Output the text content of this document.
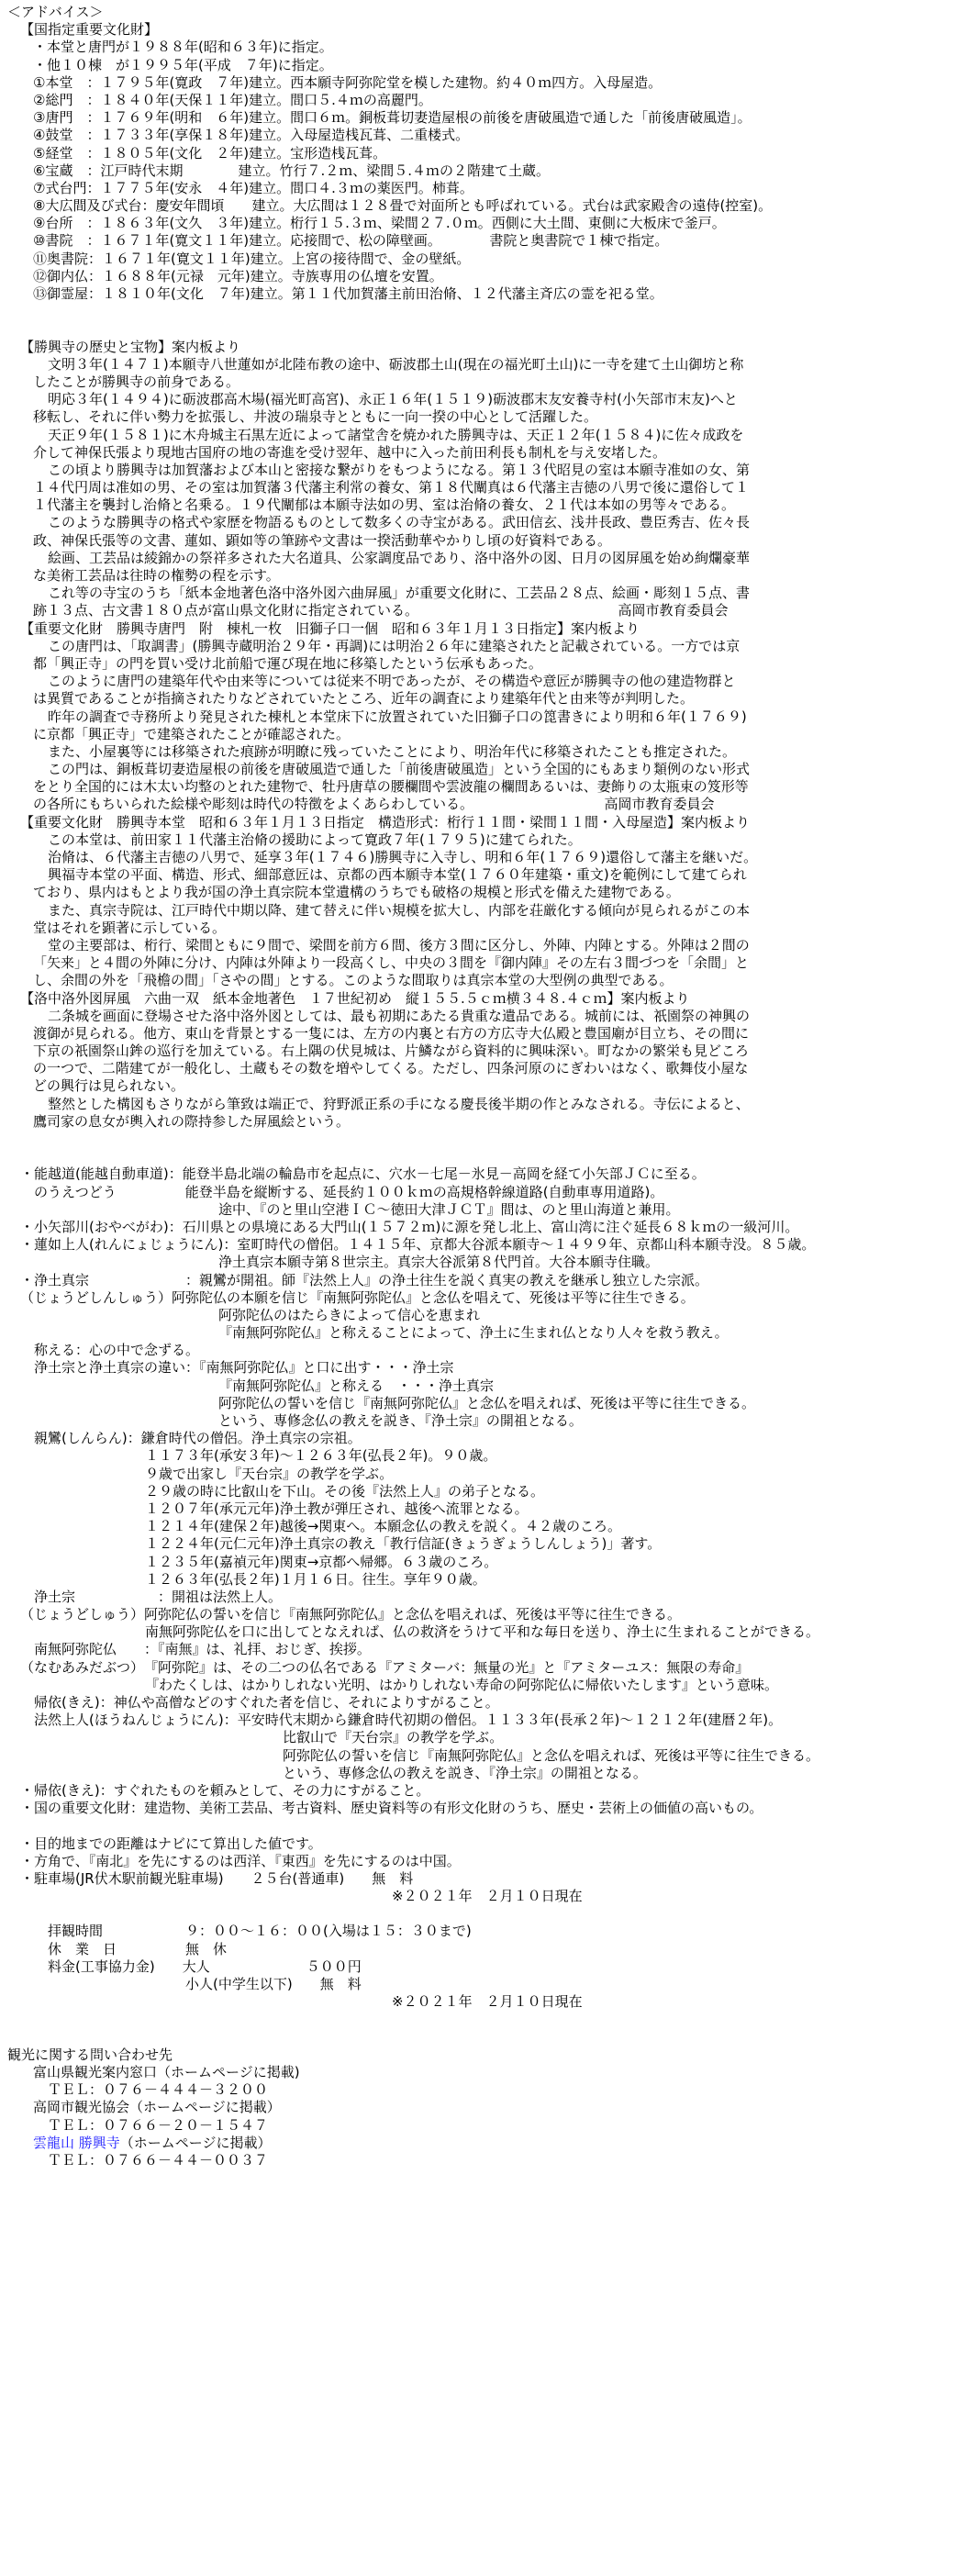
＜アドバイス＞
【国指定重要文化財】
・本堂と唐門が１９８８年(昭和６３年)に指定。
・他１０棟　が１９９５年(平成　７年)に指定。
①本堂　：１７９５年(寛政　７年)建立。西本願寺阿弥陀堂を模した建物。約４０ｍ四方。入母屋造。
②総門　：１８４０年(天保１１年)建立。間口５.４ｍの高麗門。
③唐門　：１７６９年(明和　６年)建立。間口６ｍ。銅板葺切妻造屋根の前後を唐破風造で通した「前後唐破風造」。
④鼓堂　：１７３３年(享保１８年)建立。入母屋造桟瓦葺、二重楼式。
⑤経堂　：１８０５年(文化　２年)建立。宝形造桟瓦葺。
⑥宝蔵　：江戸時代末期　　　　建立。竹行７.２ｍ、梁間５.４ｍの２階建て土蔵。
⑦式台門：１７７５年(安永　４年)建立。間口４.３ｍの薬医門。柿葺。
⑧大広間及び式台：慶安年間頃　　建立。大広間は１２８畳で対面所とも呼ばれている。式台は武家殿舎の遠侍(控室)。
⑨台所　：１８６３年(文久　３年)建立。桁行１５.３ｍ、梁間２７.０ｍ。西側に大土間、東側に大板床で釜戸。
⑩書院　：１６７１年(寛文１１年)建立。応接間で、松の障壁画。　　　　書院と奥書院で１棟で指定。
⑪奥書院：１６７１年(寛文１１年)建立。上宮の接待間で、金の壁紙。
⑫御内仏：１６８８年(元禄　元年)建立。寺族専用の仏壇を安置。
⑬御霊屋：１８１０年(文化　７年)建立。第１１代加賀藩主前田治脩、１２代藩主斉広の霊を祀る堂。
【勝興寺の歴史と宝物】案内板より
文明３年(１４７１)本願寺八世蓮如が北陸布教の途中、砺波郡土山(現在の福光町土山)に一寺を建て土山御坊と称
したことが勝興寺の前身である。
明応３年(１４９４)に砺波郡高木場(福光町高宮)、永正１６年(１５１９)砺波郡末友安養寺村(小矢部市末友)へと
移転し、それに伴い勢力を拡張し、井波の瑞泉寺とともに一向一揆の中心として活躍した。
天正９年(１５８１)に木舟城主石黒左近によって諸堂舎を焼かれた勝興寺は、天正１２年(１５８４)に佐々成政を
介して神保氏張より現地古国府の地の寄進を受け翌年、越中に入った前田利長も制札を与え安堵した。
この頃より勝興寺は加賀藩および本山と密接な繋がりをもつようになる。第１３代昭見の室は本願寺准如の女、第
１４代円周は准如の男、その室は加賀藩３代藩主利常の養女、第１８代闡真は６代藩主吉徳の八男で後に還俗して１
１代藩主を襲封し治脩と名乗る。１９代闡郁は本願寺法如の男、室は治脩の養女、２１代は本如の男等々である。
このような勝興寺の格式や家歴を物語るものとして数多くの寺宝がある。武田信玄、浅井長政、豊臣秀吉、佐々長
政、神保氏張等の文書、蓮如、顕如等の筆跡や文書は一揆活動華やかりし頃の好資料である。
絵画、工芸品は綾錦かの祭祥多された大名道具、公家調度品であり、洛中洛外の図、日月の図屏風を始め絢爛豪華
な美術工芸品は往時の権勢の程を示す。
これ等の寺宝のうち「紙本金地著色洛中洛外図六曲屏風」が重要文化財に、工芸品２８点、絵画・彫刻１５点、書
跡１３点、古文書１８０点が富山県文化財に指定されている。　　　　　　　　　　　　　　　高岡市教育委員会
【重要文化財　勝興寺唐門　附　棟札一枚　旧獅子口一個　昭和６３年１月１３日指定】案内板より
この唐門は、「取調書」(勝興寺蔵明治２９年・再調)には明治２６年に建築されたと記載されている。一方では京
都「興正寺」の門を買い受け北前船で運び現在地に移築したという伝承もあった。
このように唐門の建築年代や由来等については従来不明であったが、その構造や意匠が勝興寺の他の建造物群と
は異質であることが指摘されたりなどされていたところ、近年の調査により建築年代と由来等が判明した。
昨年の調査で寺務所より発見された棟札と本堂床下に放置されていた旧獅子口の箆書きにより明和６年(１７６９)
に京都「興正寺」で建築されたことが確認された。
また、小屋裏等には移築された痕跡が明瞭に残っていたことにより、明治年代に移築されたことも推定された。
この門は、銅板葺切妻造屋根の前後を唐破風造で通した「前後唐破風造」という全国的にもあまり類例のない形式
をとり全国的には木太い均整のとれた建物で、牡丹唐草の腰欄間や雲波龍の欄間あるいは、妻飾りの太瓶束の笈形等
の各所にもちいられた絵様や彫刻は時代の特徴をよくあらわしている。　　　　　　　　　　高岡市教育委員会
【重要文化財　勝興寺本堂　昭和６３年１月１３日指定　構造形式：桁行１１間・梁間１１間・入母屋造】案内板より
この本堂は、前田家１１代藩主治脩の援助によって寛政７年(１７９５)に建てられた。
治脩は、６代藩主吉徳の八男で、延享３年(１７４６)勝興寺に入寺し、明和６年(１７６９)還俗して藩主を継いだ。
興福寺本堂の平面、構造、形式、細部意匠は、京都の西本願寺本堂(１７６０年建築・重文)を範例にして建てられ
ており、県内はもとより我が国の浄土真宗院本堂遺構のうちでも破格の規模と形式を備えた建物である。
また、真宗寺院は、江戸時代中期以降、建て替えに伴い規模を拡大し、内部を荘厳化する傾向が見られるがこの本
堂はそれを顕著に示している。
堂の主要部は、桁行、梁間ともに９間で、梁間を前方６間、後方３間に区分し、外陣、内陣とする。外陣は２間の
「矢来」と４間の外陣に分け、内陣は外陣より一段高くし、中央の３間を『御内陣』その左右３間づつを「余間」と
し、余間の外を「飛檐の間」「さやの間」とする。このような間取りは真宗本堂の大型例の典型である。
【洛中洛外図屏風　六曲一双　紙本金地著色　１７世紀初め　縦１５５.５ｃｍ横３４８.４ｃｍ】案内板より
二条城を画面に登場させた洛中洛外図としては、最も初期にあたる貴重な遺品である。城前には、祇園祭の神興の
渡御が見られる。他方、東山を背景とする一隻には、左方の内裏と右方の方広寺大仏殿と豊国廟が目立ち、その間に
下京の祇園祭山鉾の巡行を加えている。右上隅の伏見城は、片鱗ながら資料的に興味深い。町なかの繁栄も見どころ
の一つで、二階建てが一般化し、土蔵もその数を増やしてくる。ただし、四条河原のにぎわいはなく、歌舞伎小屋な
どの興行は見られない。
整然とした構図もさりながら筆致は端正で、狩野派正系の手になる慶長後半期の作とみなされる。寺伝によると、
鷹司家の息女が輿入れの際持参した屏風絵という。
・能越道(能越自動車道)：能登半島北端の輪島市を起点に、穴水－七尾－氷見－高岡を経て小矢部ＪＣに至る。
　のうえつどう　　　　　能登半島を縦断する、延長約１００ｋｍの高規格幹線道路(自動車専用道路)。
途中、『のと里山空港ＩＣ～徳田大津ＪＣＴ』間は、のと里山海道と兼用。
・小矢部川(おやべがわ)：石川県との県境にある大門山(１５７２ｍ)に源を発し北上、富山湾に注ぐ延長６８ｋｍの一級河川。
・蓮如上人(れんにょじょうにん)：室町時代の僧侶。１４１５年、京都大谷派本願寺～１４９９年、京都山科本願寺没。８５歳。
浄土真宗本願寺第８世宗主。真宗大谷派第８代門首。大谷本願寺住職。
・浄土真宗　　　　　　　：親鸞が開祖。師『法然上人』の浄土往生を説く真実の教えを継承し独立した宗派。
（じょうどしんしゅう）阿弥陀仏の本願を信じ『南無阿弥陀仏』と念仏を唱えて、死後は平等に往生できる。
阿弥陀仏のはたらきによって信心を恵まれ
『南無阿弥陀仏』と称えることによって、浄土に生まれ仏となり人々を救う教え。
　称える：心の中で念ずる。
　浄土宗と浄土真宗の違い：『南無阿弥陀仏』と口に出す・・・浄土宗
『南無阿弥陀仏』と称える　・・・浄土真宗
阿弥陀仏の誓いを信じ『南無阿弥陀仏』と念仏を唱えれば、死後は平等に往生できる。
という、専修念仏の教えを説き、『浄土宗』の開祖となる。
　親鸞(しんらん)：鎌倉時代の僧侶。浄土真宗の宗祖。
１１７３年(承安３年)～１２６３年(弘長２年)。９０歳。
９歳で出家し『天台宗』の教学を学ぶ。
２９歳の時に比叡山を下山。その後『法然上人』の弟子となる。
１２０７年(承元元年)浄土教が弾圧され、越後へ流罪となる。
１２１４年(建保２年)越後→関東へ。本願念仏の教えを説く。４２歳のころ。
１２２４年(元仁元年)浄土真宗の教え「教行信証(きょうぎょうしんしょう)」著す。
１２３５年(嘉禎元年)関東→京都へ帰郷。６３歳のころ。
１２６３年(弘長２年)１月１６日。往生。享年９０歳。
　浄土宗　　　　　　：開祖は法然上人。
（じょうどしゅう）阿弥陀仏の誓いを信じ『南無阿弥陀仏』と念仏を唱えれば、死後は平等に往生できる。
南無阿弥陀仏を口に出してとなえれば、仏の救済をうけて平和な毎日を送り、浄土に生まれることができる。
　南無阿弥陀仏　　：『南無』は、礼拝、おじぎ、挨拶。
（なむあみだぶつ）　『阿弥陀』は、その二つの仏名である『アミターバ：無量の光』と『アミターユス：無限の寿命』
『わたくしは、はかりしれない光明、はかりしれない寿命の阿弥陀仏に帰依いたします』という意味。
　帰依(きえ)：神仏や高僧などのすぐれた者を信じ、それによりすがること。
　法然上人(ほうねんじょうにん)：平安時代末期から鎌倉時代初期の僧侶。１１３３年(長承２年)～１２１２年(建暦２年)。
比叡山で『天台宗』の教学を学ぶ。
阿弥陀仏の誓いを信じ『南無阿弥陀仏』と念仏を唱えれば、死後は平等に往生できる。
という、専修念仏の教えを説き、『浄土宗』の開祖となる。
・帰依(きえ)：すぐれたものを頼みとして、その力にすがること。
・国の重要文化財：建造物、美術工芸品、考古資料、歴史資料等の有形文化財のうち、歴史・芸術上の価値の高いもの。
・目的地までの距離はナビにて算出した値です。
・方角で、『南北』を先にするのは西洋、『東西』を先にするのは中国。
・駐車場(JR伏木駅前観光駐車場)　　２５台(普通車)　　無　料
　　　　　　　　　　　　　　　　　　　　　　　　　　　※２０２１年　２月１０日現在
　　拝観時間　　　　　　９：００～１６：００(入場は１５：３０まで)
　　休　業　日　　　　　無　休
　　料金(工事協力金)　　大人　　　　　　　５００円
　　　　　　　　　　　　小人(中学生以下)　　無　料
　　　　　　　　　　　　　　　　　　　　　　　　　　　※２０２１年　２月１０日現在
観光に関する問い合わせ先
富山県観光案内窓口（ホームページに掲載)
ＴＥＬ：０７６－４４４－３２００
高岡市観光協会（ホームページに掲載）
ＴＥＬ：０７６６－２０－１５４７
雲龍山 勝興寺（ホームページに掲載）
ＴＥＬ：０７６６－４４－００３７
